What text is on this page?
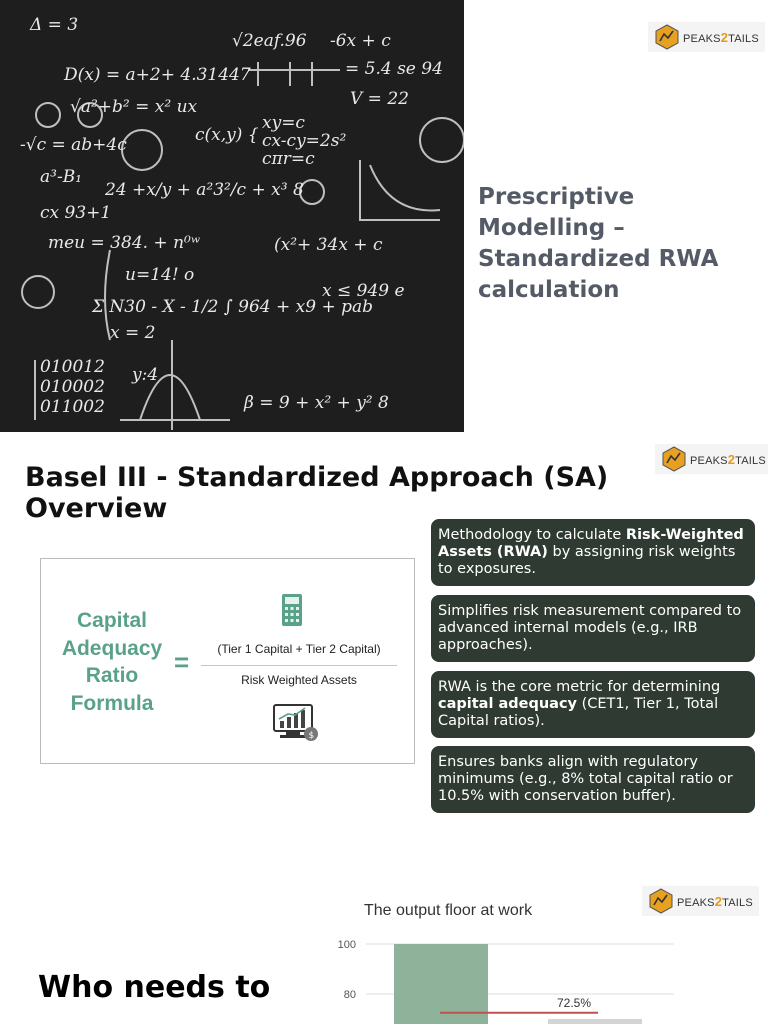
D(x) = a+2+ 4.31447
√a²+b² = x² ux
-√c = ab+4c	c(x,y) {
xy=c
cx-cy=2s²
cπr=c
a³-B₁
24 +x/y + a²3²/c + x³ 8
cx 93+1
meu = 384. + n⁰ʷ	(x²+ 34x + c
u=14! o
Σ N30 - X - 1/2 ∫ 964 + x9 + pab
x ≤ 949 e
x = 2
010012
010002
011002
y:4
β = 9 + x² + y² 8
V = 22
= 5.4 se 94
√2eaf.96 -6x + c
Δ = 3
Prescriptive Modelling – Standardized RWA calculation
PEAKS2TAILS
Basel III - Standardized Approach (SA) Overview
PEAKS2TAILS
Capital Adequacy Ratio Formula
=	(Tier 1 Capital + Tier 2 Capital)
Risk Weighted Assets
$
Methodology to calculate Risk-Weighted Assets (RWA) by assigning risk weights to exposures.
Simplifies risk measurement compared to advanced internal models (e.g., IRB approaches).
RWA is the core metric for determining capital adequacy (CET1, Tier 1, Total Capital ratios).
Ensures banks align with regulatory minimums (e.g., 8% total capital ratio or 10.5% with conservation buffer).
PEAKS2TAILS
Who needs to
The output floor at work
100
80
72.5%
